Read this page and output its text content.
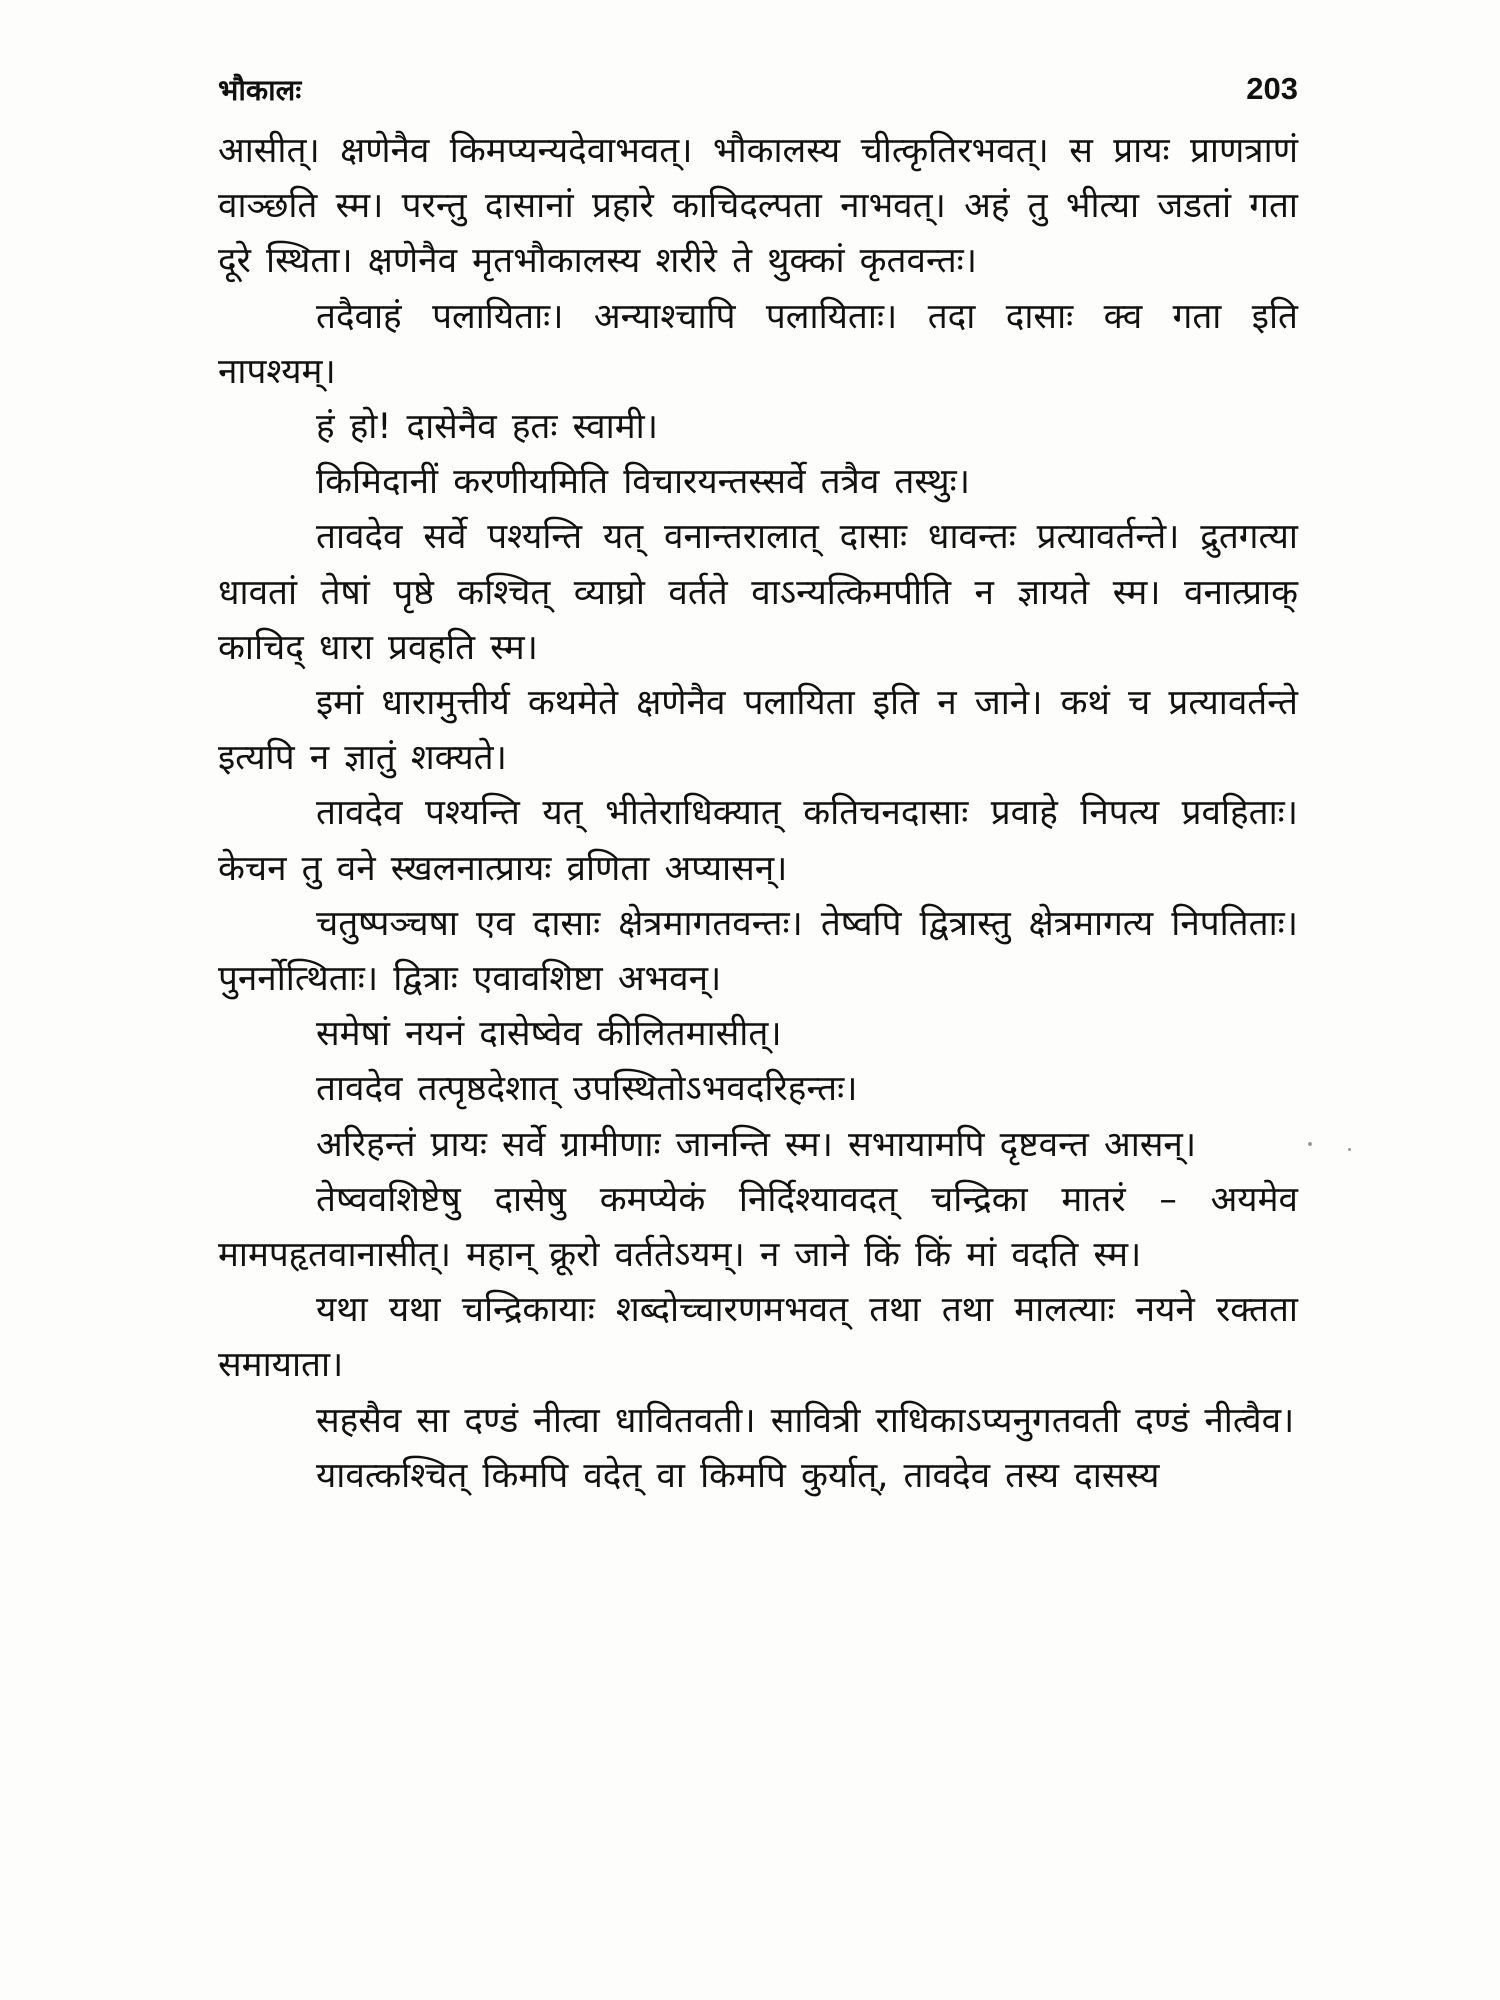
भौकालः	203

आसीत्। क्षणेनैव किमप्यन्यदेवाभवत्। भौकालस्य चीत्कृतिरभवत्। स प्रायः प्राणत्राणं वाञ्छति स्म। परन्तु दासानां प्रहारे काचिदल्पता नाभवत्। अहं तु भीत्या जडतां गता दूरे स्थिता। क्षणेनैव मृतभौकालस्य शरीरे ते थुक्कां कृतवन्तः।

तदैवाहं पलायिताः। अन्याश्चापि पलायिताः। तदा दासाः क्व गता इति नापश्यम्।

हं हो! दासेनैव हतः स्वामी।

किमिदानीं करणीयमिति विचारयन्तस्सर्वे तत्रैव तस्थुः।

तावदेव सर्वे पश्यन्ति यत् वनान्तरालात् दासाः धावन्तः प्रत्यावर्तन्ते। द्रुतगत्या धावतां तेषां पृष्ठे कश्चित् व्याघ्रो वर्तते वाऽन्यत्किमपीति न ज्ञायते स्म। वनात्प्राक् काचिद् धारा प्रवहति स्म।

इमां धारामुत्तीर्य कथमेते क्षणेनैव पलायिता इति न जाने। कथं च प्रत्यावर्तन्ते इत्यपि न ज्ञातुं शक्यते।

तावदेव पश्यन्ति यत् भीतेराधिक्यात् कतिचनदासाः प्रवाहे निपत्य प्रवहिताः। केचन तु वने स्खलनात्प्रायः व्रणिता अप्यासन्।

चतुष्पञ्चषा एव दासाः क्षेत्रमागतवन्तः। तेष्वपि द्वित्रास्तु क्षेत्रमागत्य निपतिताः। पुनर्नोत्थिताः। द्वित्राः एवावशिष्टा अभवन्।

समेषां नयनं दासेष्वेव कीलितमासीत्।

तावदेव तत्पृष्ठदेशात् उपस्थितोऽभवदरिहन्तः।

अरिहन्तं प्रायः सर्वे ग्रामीणाः जानन्ति स्म। सभायामपि दृष्टवन्त आसन्।

तेष्ववशिष्टेषु दासेषु कमप्येकं निर्दिश्यावदत् चन्द्रिका मातरं – अयमेव मामपहृतवानासीत्। महान् क्रूरो वर्ततेऽयम्। न जाने किं किं मां वदति स्म।

यथा यथा चन्द्रिकायाः शब्दोच्चारणमभवत् तथा तथा मालत्याः नयने रक्तता समायाता।

सहसैव सा दण्डं नीत्वा धावितवती। सावित्री राधिकाऽप्यनुगतवती दण्डं नीत्वैव।

यावत्कश्चित् किमपि वदेत् वा किमपि कुर्यात्, तावदेव तस्य दासस्य
